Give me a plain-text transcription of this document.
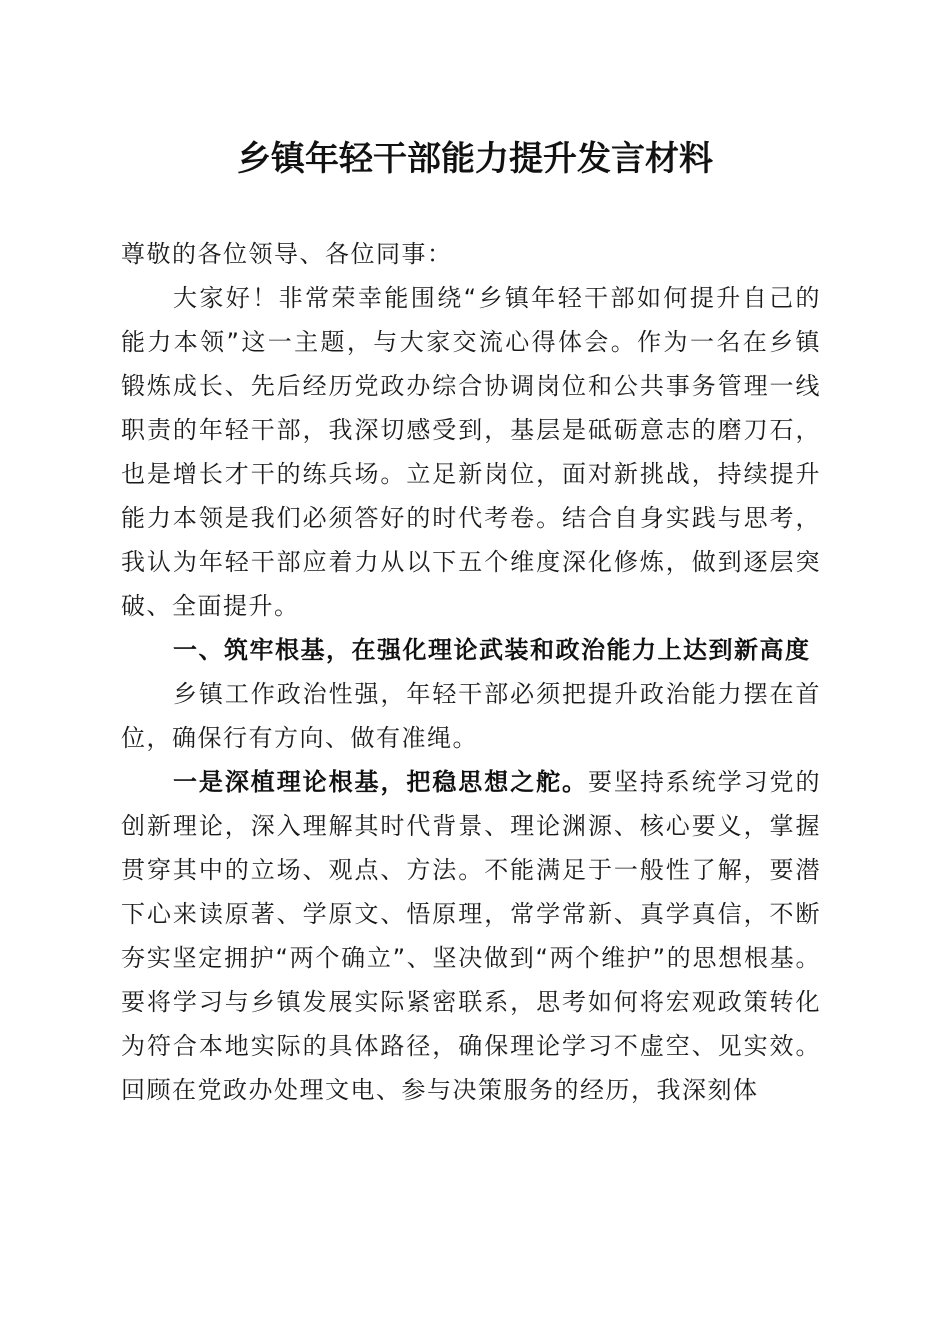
乡镇年轻干部能力提升发言材料

尊敬的各位领导、各位同事：

大家好！非常荣幸能围绕“乡镇年轻干部如何提升自己的能力本领”这一主题，与大家交流心得体会。作为一名在乡镇锻炼成长、先后经历党政办综合协调岗位和公共事务管理一线职责的年轻干部，我深切感受到，基层是砥砺意志的磨刀石，也是增长才干的练兵场。立足新岗位，面对新挑战，持续提升能力本领是我们必须答好的时代考卷。结合自身实践与思考，我认为年轻干部应着力从以下五个维度深化修炼，做到逐层突破、全面提升。

一、筑牢根基，在强化理论武装和政治能力上达到新高度

乡镇工作政治性强，年轻干部必须把提升政治能力摆在首位，确保行有方向、做有准绳。

一是深植理论根基，把稳思想之舵。要坚持系统学习党的创新理论，深入理解其时代背景、理论渊源、核心要义，掌握贯穿其中的立场、观点、方法。不能满足于一般性了解，要潜下心来读原著、学原文、悟原理，常学常新、真学真信，不断夯实坚定拥护“两个确立”、坚决做到“两个维护”的思想根基。要将学习与乡镇发展实际紧密联系，思考如何将宏观政策转化为符合本地实际的具体路径，确保理论学习不虚空、见实效。回顾在党政办处理文电、参与决策服务的经历，我深刻体
